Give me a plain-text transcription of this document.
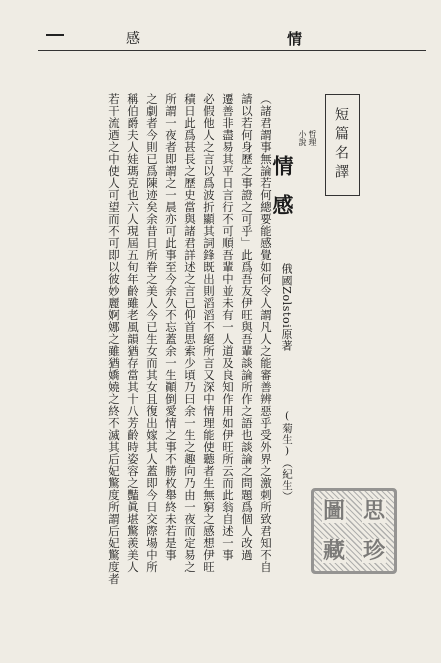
情
感
短篇名譯
哲理
小說
情感
俄國Zolstoi原著
(菊生)（紀生）
（諸君謂事無論若何總要能感覺如何令人謂凡人之能審善辨惡乎受外界之激刺所致君知不自
請以若何身歷之事證之可乎」此爲吾友伊旺與吾輩談論所作之語也談論之問題爲個人改過
遷善非盡易其平日言行不可順吾輩中並未有一人道及良知作用如伊旺所云而此翁自述一事
必假他人之言以爲波折顯其詞鋒既出則滔滔不絕所言又深中情理能使聽者生無窮之感想伊旺
積日此爲甚長之歷史當與諸君詳述之言已仰首思索少頃乃曰余一生之趣向乃由一夜而定易之
所謂一夜者即謂之一晨亦可此事至今余久不忘蓋余一生顚倒愛情之事不勝枚舉終未若是事
之劇者今則已爲陳迹矣余昔日所眷之美人今已生女而其女且復出嫁其人蓋即今日交際場中所
稱伯爵夫人娃瑪克也六人現屆五旬年齡雖老風韻猶存當其十八芳齡時姿容之豔眞堪驚羨美人
若干流迺之中使人可望而不可即以彼妙麗婀娜之雖猶嬌嬈之終不滅其后妃驚度所謂后妃驚度者	圖 思
藏 珍
